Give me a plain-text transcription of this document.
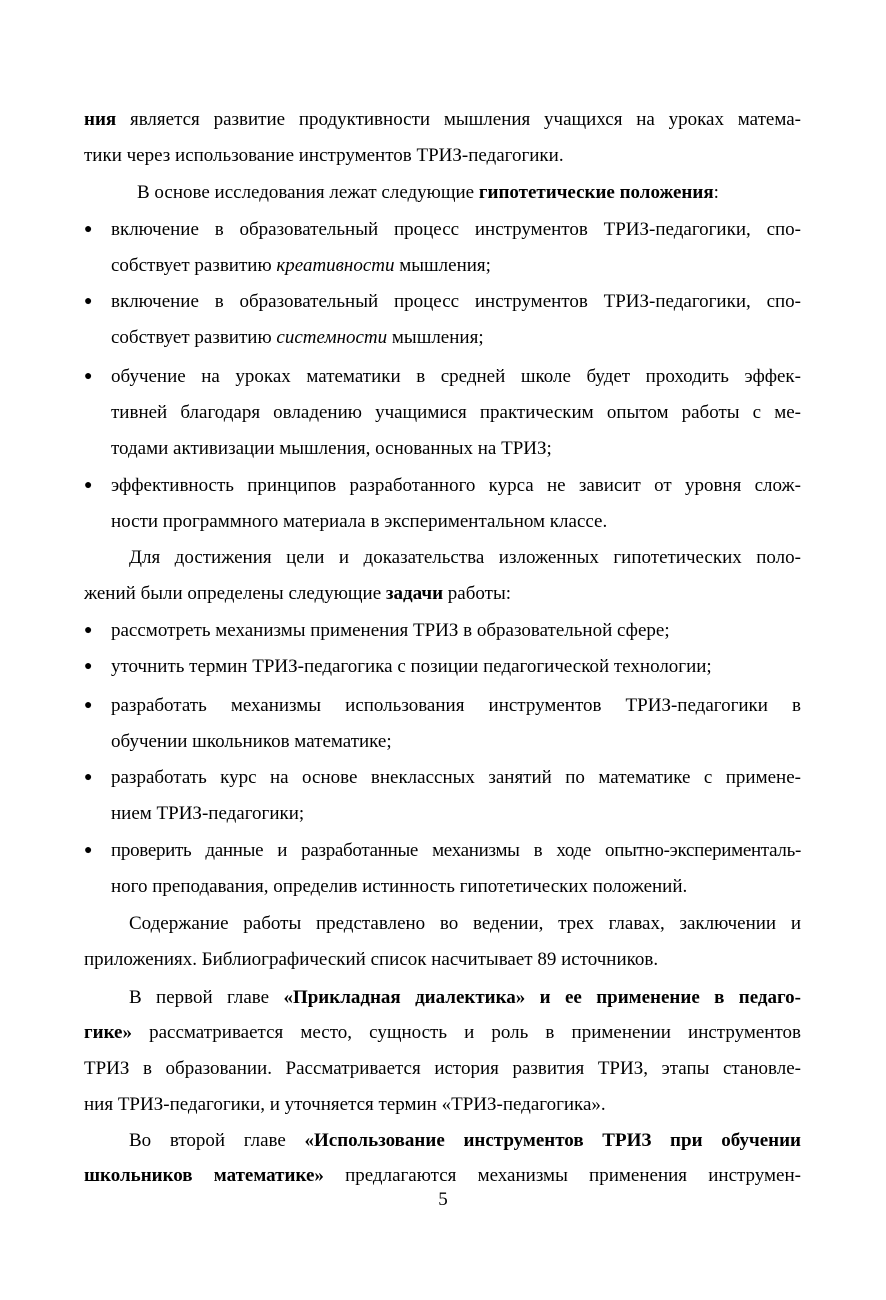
ния является развитие продуктивности мышления учащихся на уроках матема-
тики через использование инструментов ТРИЗ-педагогики.
В основе исследования лежат следующие гипотетические положения:
● включение в образовательный процесс инструментов ТРИЗ-педагогики, спо-
собствует развитию креативности мышления;
● включение в образовательный процесс инструментов ТРИЗ-педагогики, спо-
собствует развитию системности мышления;
● обучение на уроках математики в средней школе будет проходить эффек-
тивней благодаря овладению учащимися практическим опытом работы с ме-
тодами активизации мышления, основанных на ТРИЗ;
● эффективность принципов разработанного курса не зависит от уровня слож-
ности программного материала в экспериментальном классе.
Для достижения цели и доказательства изложенных гипотетических поло-
жений были определены следующие задачи работы:
● рассмотреть механизмы применения ТРИЗ в образовательной сфере;
● уточнить термин ТРИЗ-педагогика с позиции педагогической технологии;
● разработать механизмы использования инструментов ТРИЗ-педагогики в
обучении школьников математике;
● разработать курс на основе внеклассных занятий по математике с примене-
нием ТРИЗ-педагогики;
● проверить данные и разработанные механизмы в ходе опытно-эксперименталь-
ного преподавания, определив истинность гипотетических положений.
Содержание работы представлено во ведении, трех главах, заключении и
приложениях. Библиографический список насчитывает 89 источников.
В первой главе «Прикладная диалектика» и ее применение в педаго-
гике» рассматривается место, сущность и роль в применении инструментов
ТРИЗ в образовании. Рассматривается история развития ТРИЗ, этапы становле-
ния ТРИЗ-педагогики, и уточняется термин «ТРИЗ-педагогика».
Во второй главе «Использование инструментов ТРИЗ при обучении
школьников математике» предлагаются механизмы применения инструмен-
5
